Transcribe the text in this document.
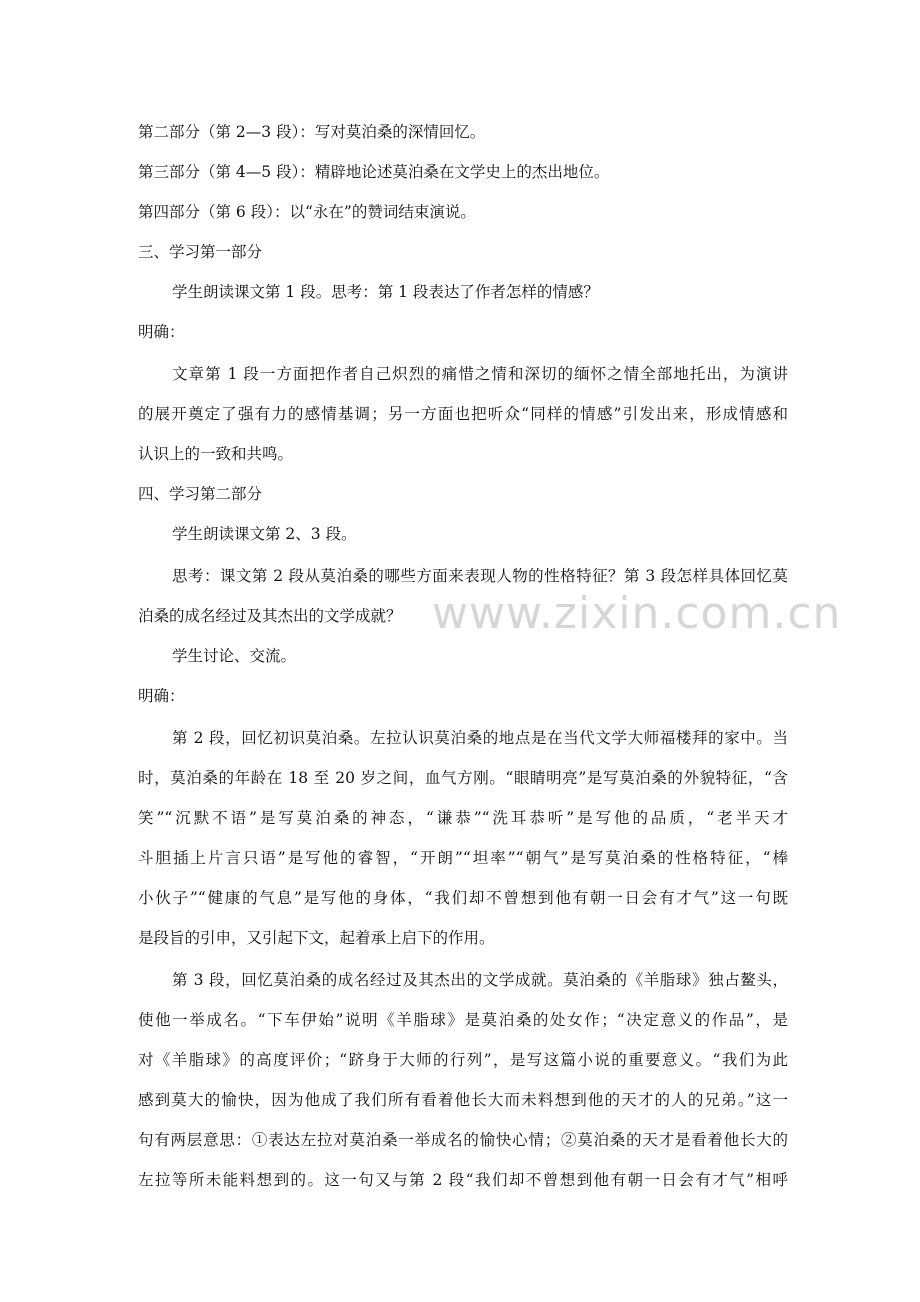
www.zixin.com.cn
第二部分（第 2—3 段）：写对莫泊桑的深情回忆。
第三部分（第 4—5 段）：精辟地论述莫泊桑在文学史上的杰出地位。
第四部分（第 6 段）：以“永在”的赞词结束演说。
三、学习第一部分
学生朗读课文第 1 段。思考：第 1 段表达了作者怎样的情感？
明确：
文章第 1 段一方面把作者自己炽烈的痛惜之情和深切的缅怀之情全部地托出，为演讲
的展开奠定了强有力的感情基调；另一方面也把听众“同样的情感”引发出来，形成情感和
认识上的一致和共鸣。
四、学习第二部分
学生朗读课文第 2、3 段。
思考：课文第 2 段从莫泊桑的哪些方面来表现人物的性格特征？第 3 段怎样具体回忆莫
泊桑的成名经过及其杰出的文学成就？
学生讨论、交流。
明确：
第 2 段，回忆初识莫泊桑。左拉认识莫泊桑的地点是在当代文学大师福楼拜的家中。当
时，莫泊桑的年龄在 18 至 20 岁之间，血气方刚。“眼睛明亮”是写莫泊桑的外貌特征，“含
笑”“沉默不语”是写莫泊桑的神态，“谦恭”“洗耳恭听”是写他的品质，“老半天才
斗胆插上片言只语”是写他的睿智，“开朗”“坦率”“朝气”是写莫泊桑的性格特征，“棒
小伙子”“健康的气息”是写他的身体，“我们却不曾想到他有朝一日会有才气”这一句既
是段旨的引申，又引起下文，起着承上启下的作用。
第 3 段，回忆莫泊桑的成名经过及其杰出的文学成就。莫泊桑的《羊脂球》独占鳌头，
使他一举成名。“下车伊始”说明《羊脂球》是莫泊桑的处女作；“决定意义的作品”，是
对《羊脂球》的高度评价；“跻身于大师的行列”，是写这篇小说的重要意义。“我们为此
感到莫大的愉快，因为他成了我们所有看着他长大而未料想到他的天才的人的兄弟。”这一
句有两层意思：①表达左拉对莫泊桑一举成名的愉快心情；②莫泊桑的天才是看着他长大的
左拉等所未能料想到的。这一句又与第 2 段“我们却不曾想到他有朝一日会有才气”相呼
